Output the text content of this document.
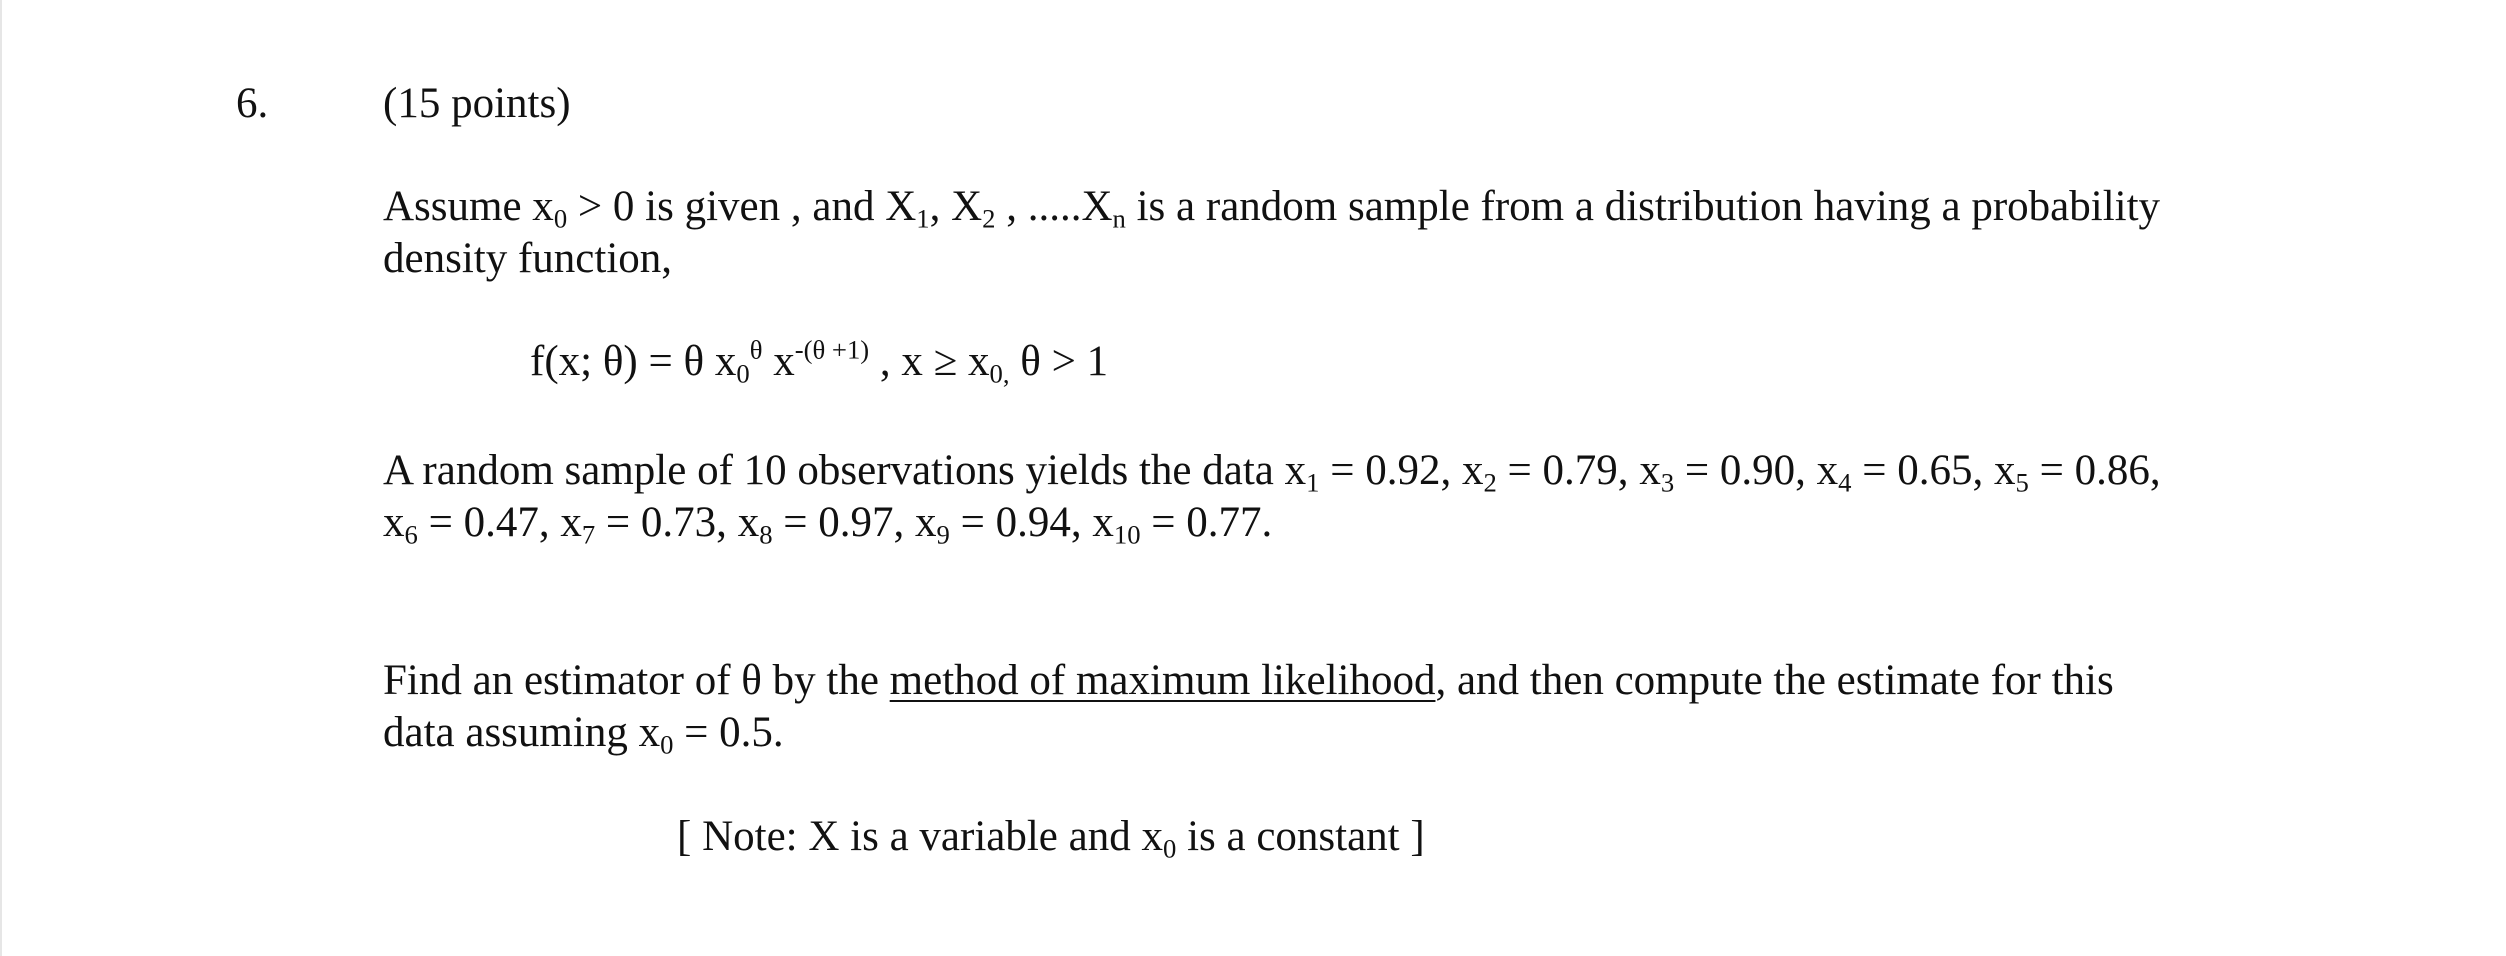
6.	(15 points)
Assume $x_0 > 0$ is given , and $X_1$, $X_2$ , $.....X_n$ is a random sample from a distribution having a probability
density function,
f(x; θ) = θ $x_0^\theta$ $x^{-(\theta +1)}$ , $x \ge x_{0,}$ θ > 1
A random sample of 10 observations yields the data $x_1 = 0.92$, $x_2 = 0.79$, $x_3 = 0.90$, $x_4 = 0.65$, $x_5 = 0.86$,
$x_6 = 0.47$, $x_7 = 0.73$, $x_8 = 0.97$, $x_9 = 0.94$, $x_{10} = 0.77$.
Find an estimator of θ by the method of maximum likelihood, and then compute the estimate for this
data assuming $x_0 = 0.5$.
[ Note: X is a variable and $x_0$ is a constant ]
